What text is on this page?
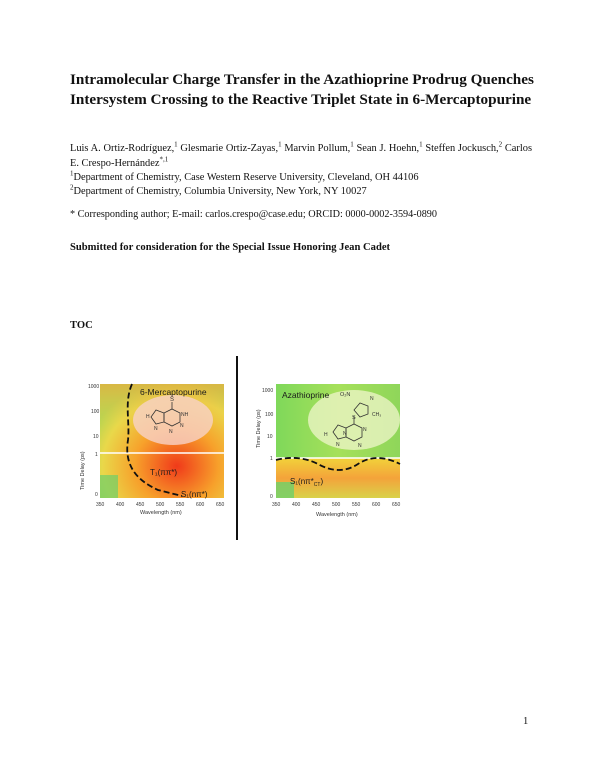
Intramolecular Charge Transfer in the Azathioprine Prodrug Quenches Intersystem Crossing to the Reactive Triplet State in 6-Mercaptopurine

Luis A. Ortiz-Rodríguez,$^1$ Glesmarie Ortiz-Zayas,$^1$ Marvin Pollum,$^1$ Sean J. Hoehn,$^1$ Steffen Jockusch,$^2$ Carlos E. Crespo-Hernández$^{*,1}$

$^1$Department of Chemistry, Case Western Reserve University, Cleveland, OH 44106

$^2$Department of Chemistry, Columbia University, New York, NY 10027

* Corresponding author; E-mail: carlos.crespo@case.edu; ORCID: 0000-0002-3594-0890

Submitted for consideration for the Special Issue Honoring Jean Cadet

TOC

S
NH
N
N
N
H
6-Mercaptopurine
T₁(ππ*)
S₁(nπ*)
1000
100
10
1
0
Time Delay (ps)
350 400 450 500 550 600 650
Wavelength (nm)
O₂N
N
CH₃
S
N
N
H
N	N
Azathioprine
$S_1(n\pi*_{CT})$
1000
100
10
1
0
Time Delay (ps)
350 400 450 500 550 600 650
Wavelength (nm)

1
